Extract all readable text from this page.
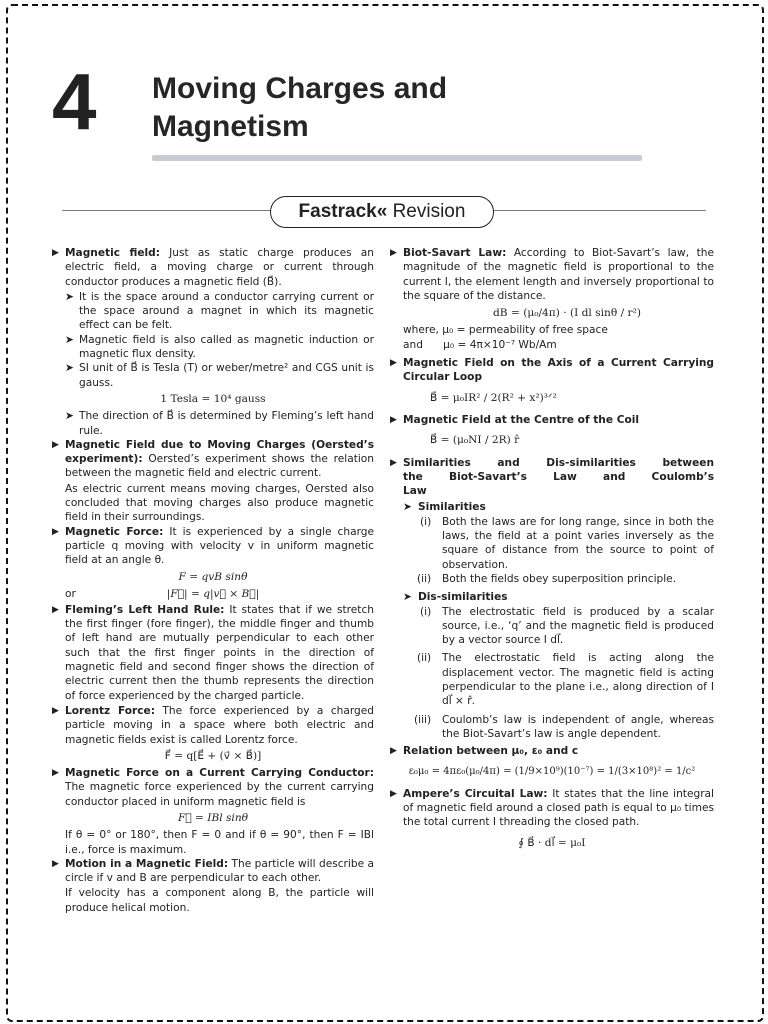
4 Moving Charges and
Magnetism
Fastrack« Revision
▶ Magnetic field: Just as static charge produces an electric field, a moving charge or current through conductor produces a magnetic field (B⃗).
➤ It is the space around a conductor carrying current or the space around a magnet in which its magnetic effect can be felt.
➤ Magnetic field is also called as magnetic induction or magnetic flux density.
➤ SI unit of B⃗ is Tesla (T) or weber/metre² and CGS unit is gauss.
1 Tesla = 10⁴ gauss
➤ The direction of B⃗ is determined by Fleming’s left hand rule.
▶ Magnetic Field due to Moving Charges (Oersted’s experiment): Oersted’s experiment shows the relation between the magnetic field and electric current.
As electric current means moving charges, Oersted also concluded that moving charges also produce magnetic field in their surroundings.
▶ Magnetic Force: It is experienced by a single charge particle q moving with velocity v in uniform magnetic field at an angle θ.
F = qvB sinθ
or	|F⃗| = q|v⃗ × B⃗|
▶ Fleming’s Left Hand Rule: It states that if we stretch the first finger (fore finger), the middle finger and thumb of left hand are mutually perpendicular to each other such that the first finger points in the direction of magnetic field and second finger shows the direction of electric current then the thumb represents the direction of force experienced by the charged particle.
▶ Lorentz Force: The force experienced by a charged particle moving in a space where both electric and magnetic fields exist is called Lorentz force.
F⃗ = q[E⃗ + (v⃗ × B⃗)]
▶ Magnetic Force on a Current Carrying Conductor: The magnetic force experienced by the current carrying conductor placed in uniform magnetic field is
F⃗ = IBl sinθ
If θ = 0° or 180°, then F = 0 and if θ = 90°, then F = IBl i.e., force is maximum.
▶ Motion in a Magnetic Field: The particle will describe a circle if v and B are perpendicular to each other.
If velocity has a component along B, the particle will produce helical motion.
▶ Biot-Savart Law: According to Biot-Savart’s law, the magnitude of the magnetic field is proportional to the current I, the element length and inversely proportional to the square of the distance.
dB = (μ₀/4π) · (I dl sinθ / r²)
where, μ₀ = permeability of free space
and      μ₀ = 4π×10⁻⁷ Wb/Am
▶ Magnetic Field on the Axis of a Current Carrying Circular Loop
B⃗ = μ₀IR² / 2(R² + x²)³ᐟ²
▶ Magnetic Field at the Centre of the Coil
B⃗ = (μ₀NI / 2R) r̂
▶ Similarities and Dis-similarities between the Biot-Savart’s Law and Coulomb’s Law
➤ Similarities
(i) Both the laws are for long range, since in both the laws, the field at a point varies inversely as the square of distance from the source to point of observation.
(ii) Both the fields obey superposition principle.
➤ Dis-similarities
(i) The electrostatic field is produced by a scalar source, i.e., ‘q’ and the magnetic field is produced by a vector source I dl⃗.
(ii) The electrostatic field is acting along the displacement vector. The magnetic field is acting perpendicular to the plane i.e., along direction of I dl⃗ × r̂.
(iii) Coulomb’s law is independent of angle, whereas the Biot-Savart’s law is angle dependent.
▶ Relation between μ₀, ε₀ and c
ε₀μ₀ = 4πε₀(μ₀/4π) = (1/9×10⁹)(10⁻⁷) = 1/(3×10⁸)² = 1/c²
▶ Ampere’s Circuital Law: It states that the line integral of magnetic field around a closed path is equal to μ₀ times the total current I threading the closed path.
∮ B⃗ · dl⃗ = μ₀I
